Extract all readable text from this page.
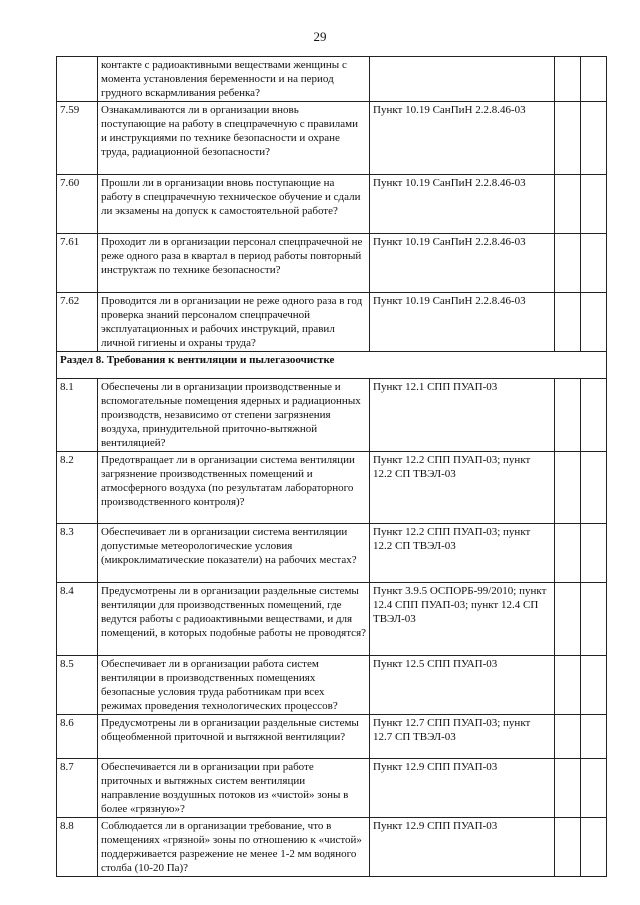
29
	контакте с радиоактивными веществами женщины с момента установления беременности и на период грудного вскармливания ребенка?			
7.59	Ознакамливаются ли в организации вновь поступающие на работу в спецпрачечную с правилами и инструкциями по технике безопасности и охране труда, радиационной безопасности?	Пункт 10.19 СанПиН 2.2.8.46-03		
7.60	Прошли ли в организации вновь поступающие на работу в спецпрачечную техническое обучение и сдали ли экзамены на допуск к самостоятельной работе?	Пункт 10.19 СанПиН 2.2.8.46-03		
7.61	Проходит ли в организации персонал спецпрачечной не реже одного раза в квартал в период работы повторный инструктаж по технике безопасности?	Пункт 10.19 СанПиН 2.2.8.46-03		
7.62	Проводится ли в организации не реже одного раза в год проверка знаний персоналом спецпрачечной эксплуатационных и рабочих инструкций, правил личной гигиены и охраны труда?	Пункт 10.19 СанПиН 2.2.8.46-03		
Раздел 8. Требования к вентиляции и пылегазоочистке				
8.1	Обеспечены ли в организации производственные и вспомогательные помещения ядерных и радиационных производств, независимо от степени загрязнения воздуха, принудительной приточно-вытяжной вентиляцией?	Пункт 12.1 СПП ПУАП-03		
8.2	Предотвращает ли в организации система вентиляции загрязнение производственных помещений и атмосферного воздуха (по результатам лабораторного производственного контроля)?	Пункт 12.2 СПП ПУАП-03; пункт 12.2 СП ТВЭЛ-03		
8.3	Обеспечивает ли в организации система вентиляции допустимые метеорологические условия (микроклиматические показатели) на рабочих местах?	Пункт 12.2 СПП ПУАП-03; пункт 12.2 СП ТВЭЛ-03		
8.4	Предусмотрены ли в организации раздельные системы вентиляции для производственных помещений, где ведутся работы с радиоактивными веществами, и для помещений, в которых подобные работы не проводятся?	Пункт 3.9.5 ОСПОРБ-99/2010; пункт 12.4 СПП ПУАП-03; пункт 12.4 СП ТВЭЛ-03		
8.5	Обеспечивает ли в организации работа систем вентиляции в производственных помещениях безопасные условия труда работникам при всех режимах проведения технологических процессов?	Пункт 12.5 СПП ПУАП-03		
8.6	Предусмотрены ли в организации раздельные системы общеобменной приточной и вытяжной вентиляции?	Пункт 12.7 СПП ПУАП-03; пункт 12.7 СП ТВЭЛ-03		
8.7	Обеспечивается ли в организации при работе приточных и вытяжных систем вентиляции направление воздушных потоков из «чистой» зоны в более «грязную»?	Пункт 12.9 СПП ПУАП-03		
8.8	Соблюдается ли в организации требование, что в помещениях «грязной» зоны по отношению к «чистой» поддерживается разрежение не менее 1-2 мм водяного столба (10-20 Па)?	Пункт 12.9 СПП ПУАП-03		
